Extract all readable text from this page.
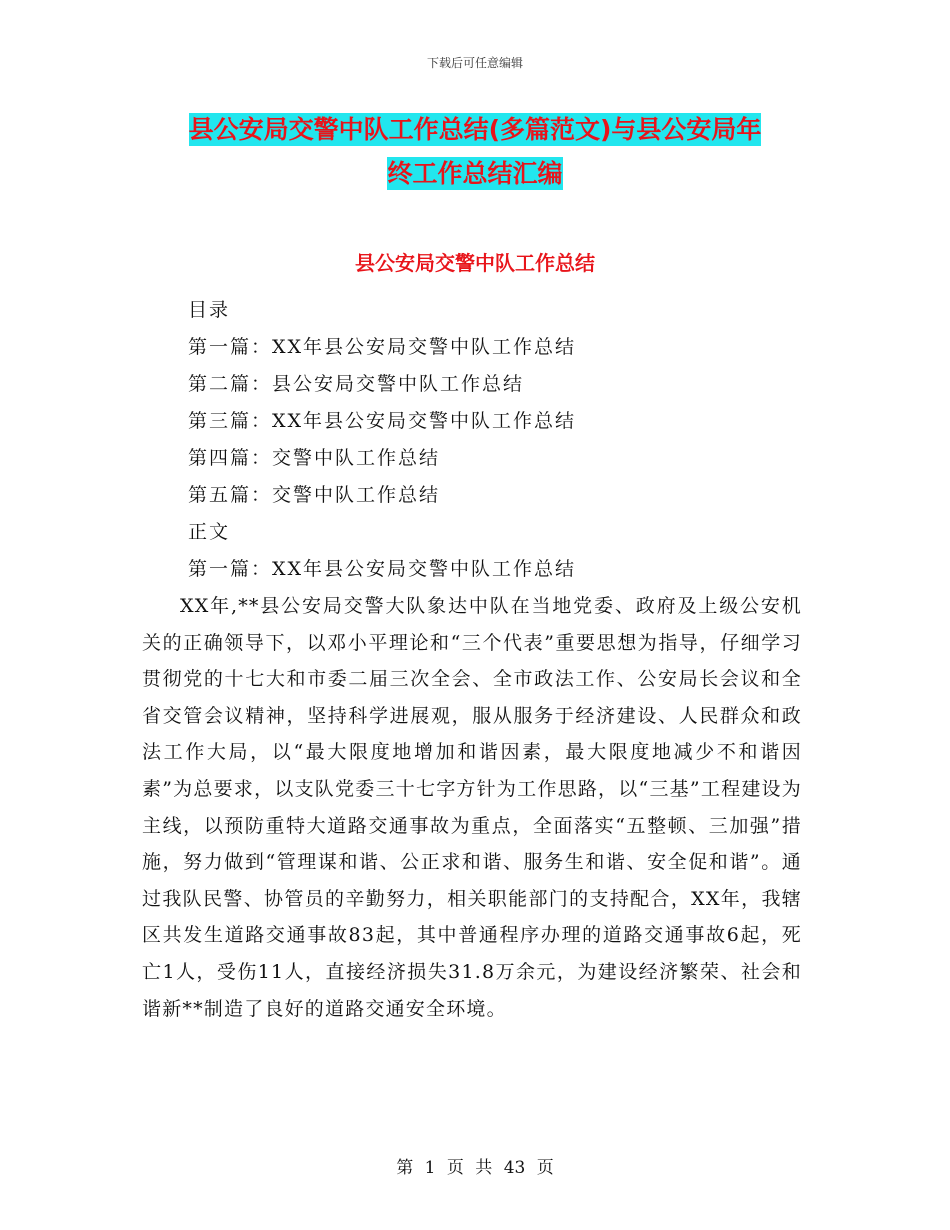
下载后可任意编辑
县公安局交警中队工作总结(多篇范文)与县公安局年
终工作总结汇编
县公安局交警中队工作总结
目录
第一篇：XX年县公安局交警中队工作总结
第二篇：县公安局交警中队工作总结
第三篇：XX年县公安局交警中队工作总结
第四篇：交警中队工作总结
第五篇：交警中队工作总结
正文
第一篇：XX年县公安局交警中队工作总结
XX年,**县公安局交警大队象达中队在当地党委、政府及上级公安机关的正确领导下，以邓小平理论和“三个代表”重要思想为指导，仔细学习贯彻党的十七大和市委二届三次全会、全市政法工作、公安局长会议和全省交管会议精神，坚持科学进展观，服从服务于经济建设、人民群众和政法工作大局，以“最大限度地增加和谐因素，最大限度地减少不和谐因素”为总要求，以支队党委三十七字方针为工作思路，以“三基”工程建设为主线，以预防重特大道路交通事故为重点，全面落实“五整顿、三加强”措施，努力做到“管理谋和谐、公正求和谐、服务生和谐、安全促和谐”。通过我队民警、协管员的辛勤努力，相关职能部门的支持配合，XX年，我辖区共发生道路交通事故83起，其中普通程序办理的道路交通事故6起，死亡1人，受伤11人，直接经济损失31.8万余元，为建设经济繁荣、社会和谐新**制造了良好的道路交通安全环境。
第 1 页 共 43 页
